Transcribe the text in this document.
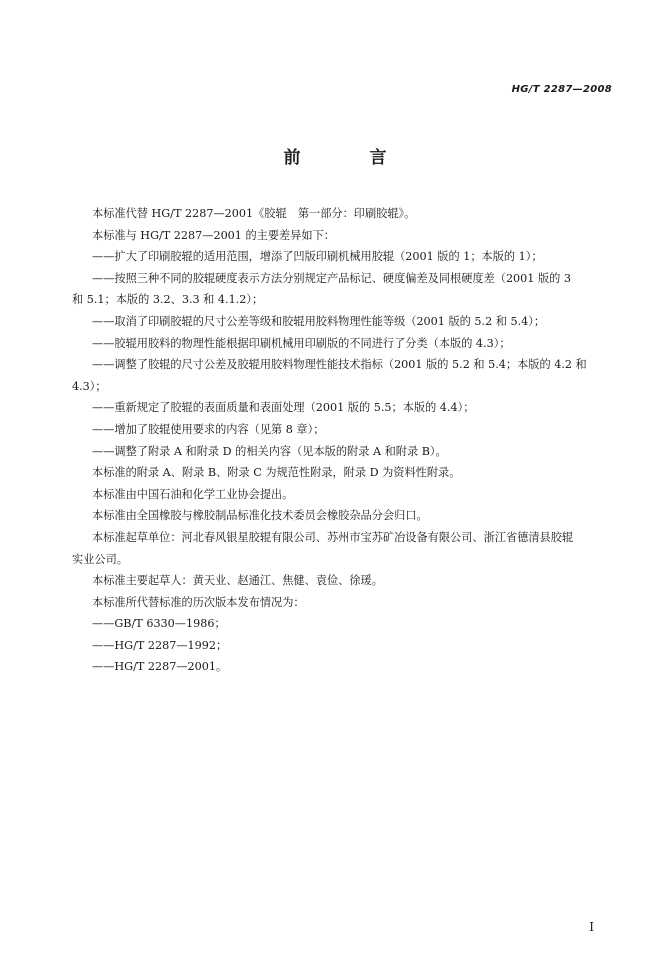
HG/T 2287—2008
前　言

本标准代替 HG/T 2287—2001《胶辊　第一部分：印刷胶辊》。

本标准与 HG/T 2287—2001 的主要差异如下：

——扩大了印刷胶辊的适用范围，增添了凹版印刷机械用胶辊（2001 版的 1；本版的 1）；

——按照三种不同的胶辊硬度表示方法分别规定产品标记、硬度偏差及同根硬度差（2001 版的 3

和 5.1；本版的 3.2、3.3 和 4.1.2）；

——取消了印刷胶辊的尺寸公差等级和胶辊用胶料物理性能等级（2001 版的 5.2 和 5.4）；

——胶辊用胶料的物理性能根据印刷机械用印刷版的不同进行了分类（本版的 4.3）；

——调整了胶辊的尺寸公差及胶辊用胶料物理性能技术指标（2001 版的 5.2 和 5.4；本版的 4.2 和

4.3）；

——重新规定了胶辊的表面质量和表面处理（2001 版的 5.5；本版的 4.4）；

——增加了胶辊使用要求的内容（见第 8 章）；

——调整了附录 A 和附录 D 的相关内容（见本版的附录 A 和附录 B）。

本标准的附录 A、附录 B、附录 C 为规范性附录，附录 D 为资料性附录。

本标准由中国石油和化学工业协会提出。

本标准由全国橡胶与橡胶制品标准化技术委员会橡胶杂品分会归口。

本标准起草单位：河北春风银星胶辊有限公司、苏州市宝苏矿冶设备有限公司、浙江省德清县胶辊

实业公司。

本标准主要起草人：黄天业、赵通江、焦健、袁俭、徐瑗。

本标准所代替标准的历次版本发布情况为：

——GB/T 6330—1986；

——HG/T 2287—1992；

——HG/T 2287—2001。

I
